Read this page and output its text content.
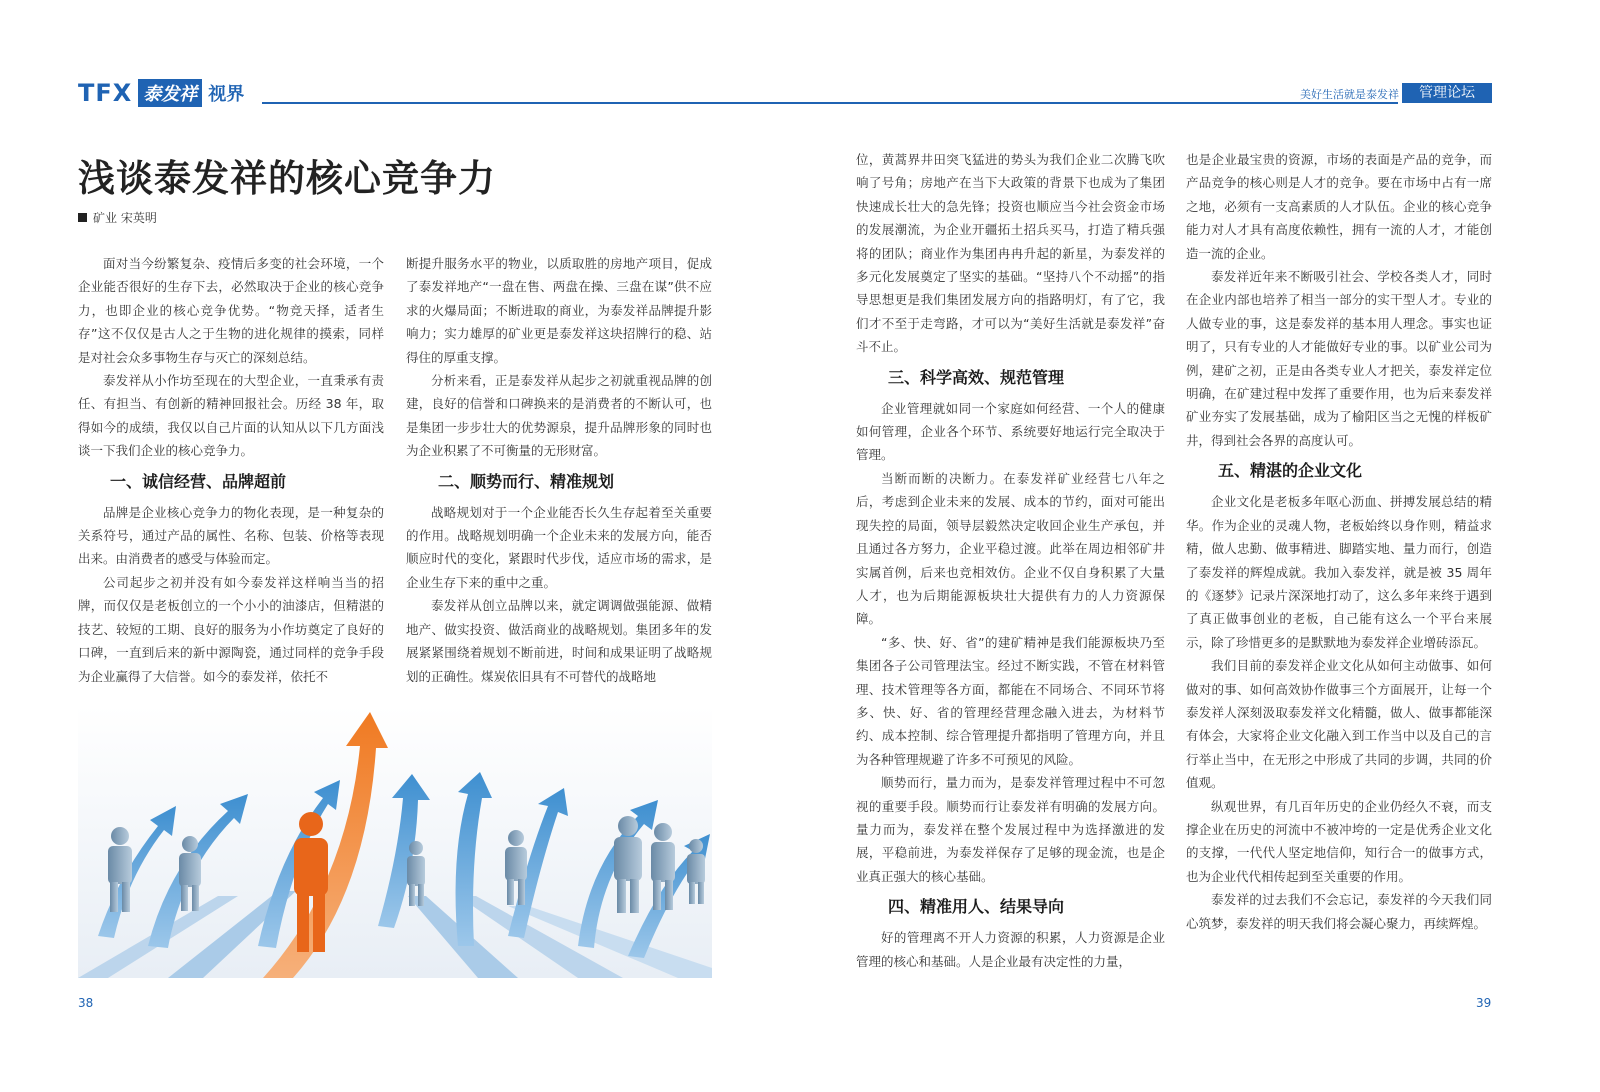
TFX 泰发祥 视界	美好生活就是泰发祥	管理论坛
浅谈泰发祥的核心竞争力
矿业 宋英明

面对当今纷繁复杂、疫情后多变的社会环境，一个企业能否很好的生存下去，必然取决于企业的核心竞争力，也即企业的核心竞争优势。“物竞天择，适者生存”这不仅仅是古人之于生物的进化规律的摸索，同样是对社会众多事物生存与灭亡的深刻总结。

泰发祥从小作坊至现在的大型企业，一直秉承有责任、有担当、有创新的精神回报社会。历经 38 年，取得如今的成绩，我仅以自己片面的认知从以下几方面浅谈一下我们企业的核心竞争力。

一、诚信经营、品牌超前

品牌是企业核心竞争力的物化表现，是一种复杂的关系符号，通过产品的属性、名称、包装、价格等表现出来。由消费者的感受与体验而定。

公司起步之初并没有如今泰发祥这样响当当的招牌，而仅仅是老板创立的一个小小的油漆店，但精湛的技艺、较短的工期、良好的服务为小作坊奠定了良好的口碑，一直到后来的新中源陶瓷，通过同样的竞争手段为企业赢得了大信誉。如今的泰发祥，依托不

断提升服务水平的物业，以质取胜的房地产项目，促成了泰发祥地产“一盘在售、两盘在操、三盘在谋”供不应求的火爆局面；不断进取的商业，为泰发祥品牌提升影响力；实力雄厚的矿业更是泰发祥这块招牌行的稳、站得住的厚重支撑。

分析来看，正是泰发祥从起步之初就重视品牌的创建，良好的信誉和口碑换来的是消费者的不断认可，也是集团一步步壮大的优势源泉，提升品牌形象的同时也为企业积累了不可衡量的无形财富。

二、顺势而行、精准规划

战略规划对于一个企业能否长久生存起着至关重要的作用。战略规划明确一个企业未来的发展方向，能否顺应时代的变化，紧跟时代步伐，适应市场的需求，是企业生存下来的重中之重。

泰发祥从创立品牌以来，就定调调做强能源、做精地产、做实投资、做活商业的战略规划。集团多年的发展紧紧围绕着规划不断前进，时间和成果证明了战略规划的正确性。煤炭依旧具有不可替代的战略地

位，黄蒿界井田突飞猛进的势头为我们企业二次腾飞吹响了号角；房地产在当下大政策的背景下也成为了集团快速成长壮大的急先锋；投资也顺应当今社会资金市场的发展潮流，为企业开疆拓土招兵买马，打造了精兵强将的团队；商业作为集团冉冉升起的新星，为泰发祥的多元化发展奠定了坚实的基础。“坚持八个不动摇”的指导思想更是我们集团发展方向的指路明灯，有了它，我们才不至于走弯路，才可以为“美好生活就是泰发祥”奋斗不止。

三、科学高效、规范管理

企业管理就如同一个家庭如何经营、一个人的健康如何管理，企业各个环节、系统要好地运行完全取决于管理。

当断而断的决断力。在泰发祥矿业经营七八年之后，考虑到企业未来的发展、成本的节约，面对可能出现失控的局面，领导层毅然决定收回企业生产承包，并且通过各方努力，企业平稳过渡。此举在周边相邻矿井实属首例，后来也竞相效仿。企业不仅自身积累了大量人才，也为后期能源板块壮大提供有力的人力资源保障。

“多、快、好、省”的建矿精神是我们能源板块乃至集团各子公司管理法宝。经过不断实践，不管在材料管理、技术管理等各方面，都能在不同场合、不同环节将多、快、好、省的管理经营理念融入进去，为材料节约、成本控制、综合管理提升都指明了管理方向，并且为各种管理规避了许多不可预见的风险。

顺势而行，量力而为，是泰发祥管理过程中不可忽视的重要手段。顺势而行让泰发祥有明确的发展方向。量力而为，泰发祥在整个发展过程中为选择激进的发展，平稳前进，为泰发祥保存了足够的现金流，也是企业真正强大的核心基础。

四、精准用人、结果导向

好的管理离不开人力资源的积累，人力资源是企业管理的核心和基础。人是企业最有决定性的力量，

也是企业最宝贵的资源，市场的表面是产品的竞争，而产品竞争的核心则是人才的竞争。要在市场中占有一席之地，必须有一支高素质的人才队伍。企业的核心竞争能力对人才具有高度依赖性，拥有一流的人才，才能创造一流的企业。

泰发祥近年来不断吸引社会、学校各类人才，同时在企业内部也培养了相当一部分的实干型人才。专业的人做专业的事，这是泰发祥的基本用人理念。事实也证明了，只有专业的人才能做好专业的事。以矿业公司为例，建矿之初，正是由各类专业人才把关，泰发祥定位明确，在矿建过程中发挥了重要作用，也为后来泰发祥矿业夯实了发展基础，成为了榆阳区当之无愧的样板矿井，得到社会各界的高度认可。

五、精湛的企业文化

企业文化是老板多年呕心沥血、拼搏发展总结的精华。作为企业的灵魂人物，老板始终以身作则，精益求精，做人忠勤、做事精进、脚踏实地、量力而行，创造了泰发祥的辉煌成就。我加入泰发祥，就是被 35 周年的《逐梦》记录片深深地打动了，这么多年来终于遇到了真正做事创业的老板，自己能有这么一个平台来展示，除了珍惜更多的是默默地为泰发祥企业增砖添瓦。

我们目前的泰发祥企业文化从如何主动做事、如何做对的事、如何高效协作做事三个方面展开，让每一个泰发祥人深刻汲取泰发祥文化精髓，做人、做事都能深有体会，大家将企业文化融入到工作当中以及自己的言行举止当中，在无形之中形成了共同的步调，共同的价值观。

纵观世界，有几百年历史的企业仍经久不衰，而支撑企业在历史的河流中不被冲垮的一定是优秀企业文化的支撑，一代代人坚定地信仰，知行合一的做事方式，也为企业代代相传起到至关重要的作用。

泰发祥的过去我们不会忘记，泰发祥的今天我们同心筑梦，泰发祥的明天我们将会凝心聚力，再续辉煌。

38	39
